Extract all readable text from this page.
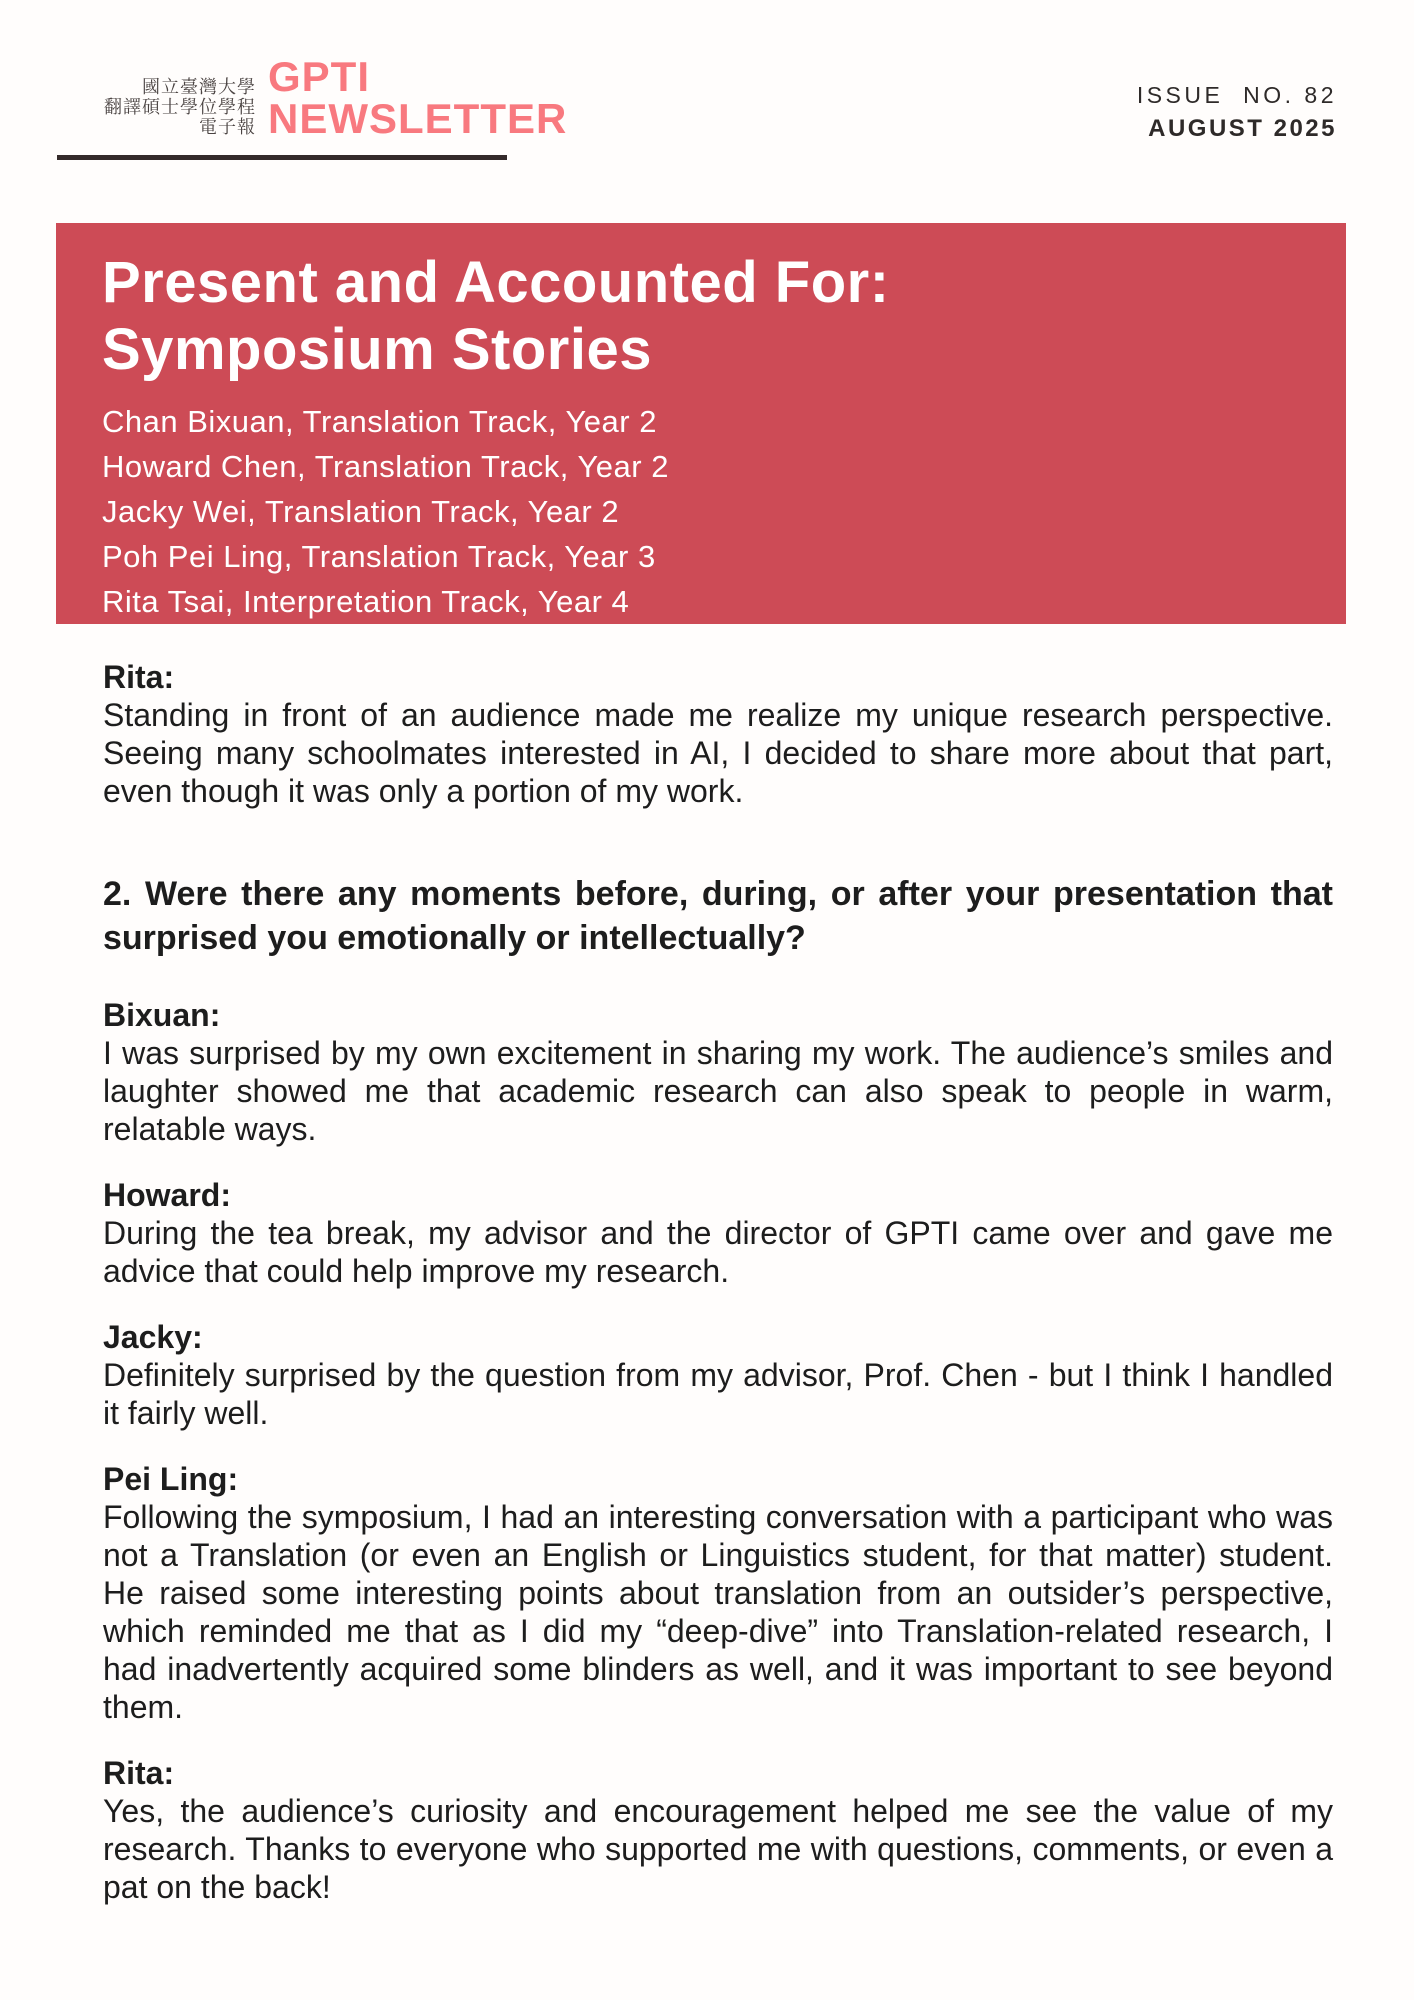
國立臺灣大學
翻譯碩士學位學程
電子報
GPTI
NEWSLETTER	ISSUE  NO. 82
AUGUST 2025
Present and Accounted For:
Symposium Stories
Chan Bixuan, Translation Track, Year 2
Howard Chen, Translation Track, Year 2
Jacky Wei, Translation Track, Year 2
Poh Pei Ling, Translation Track, Year 3
Rita Tsai, Interpretation Track, Year 4
Rita:
Standing in front of an audience made me realize my unique research perspective. Seeing many schoolmates interested in AI, I decided to share more about that part, even though it was only a portion of my work.
2. Were there any moments before, during, or after your presentation that surprised you emotionally or intellectually?
Bixuan:
I was surprised by my own excitement in sharing my work. The audience’s smiles and laughter showed me that academic research can also speak to people in warm, relatable ways.
Howard:
During the tea break, my advisor and the director of GPTI came over and gave me advice that could help improve my research.
Jacky:
Definitely surprised by the question from my advisor, Prof. Chen - but I think I handled it fairly well.
Pei Ling:
Following the symposium, I had an interesting conversation with a participant who was not a Translation (or even an English or Linguistics student, for that matter) student. He raised some interesting points about translation from an outsider’s perspective, which reminded me that as I did my “deep-dive” into Translation-related research, I had inadvertently acquired some blinders as well, and it was important to see beyond them.
Rita:
Yes, the audience’s curiosity and encouragement helped me see the value of my research. Thanks to everyone who supported me with questions, comments, or even a pat on the back!
